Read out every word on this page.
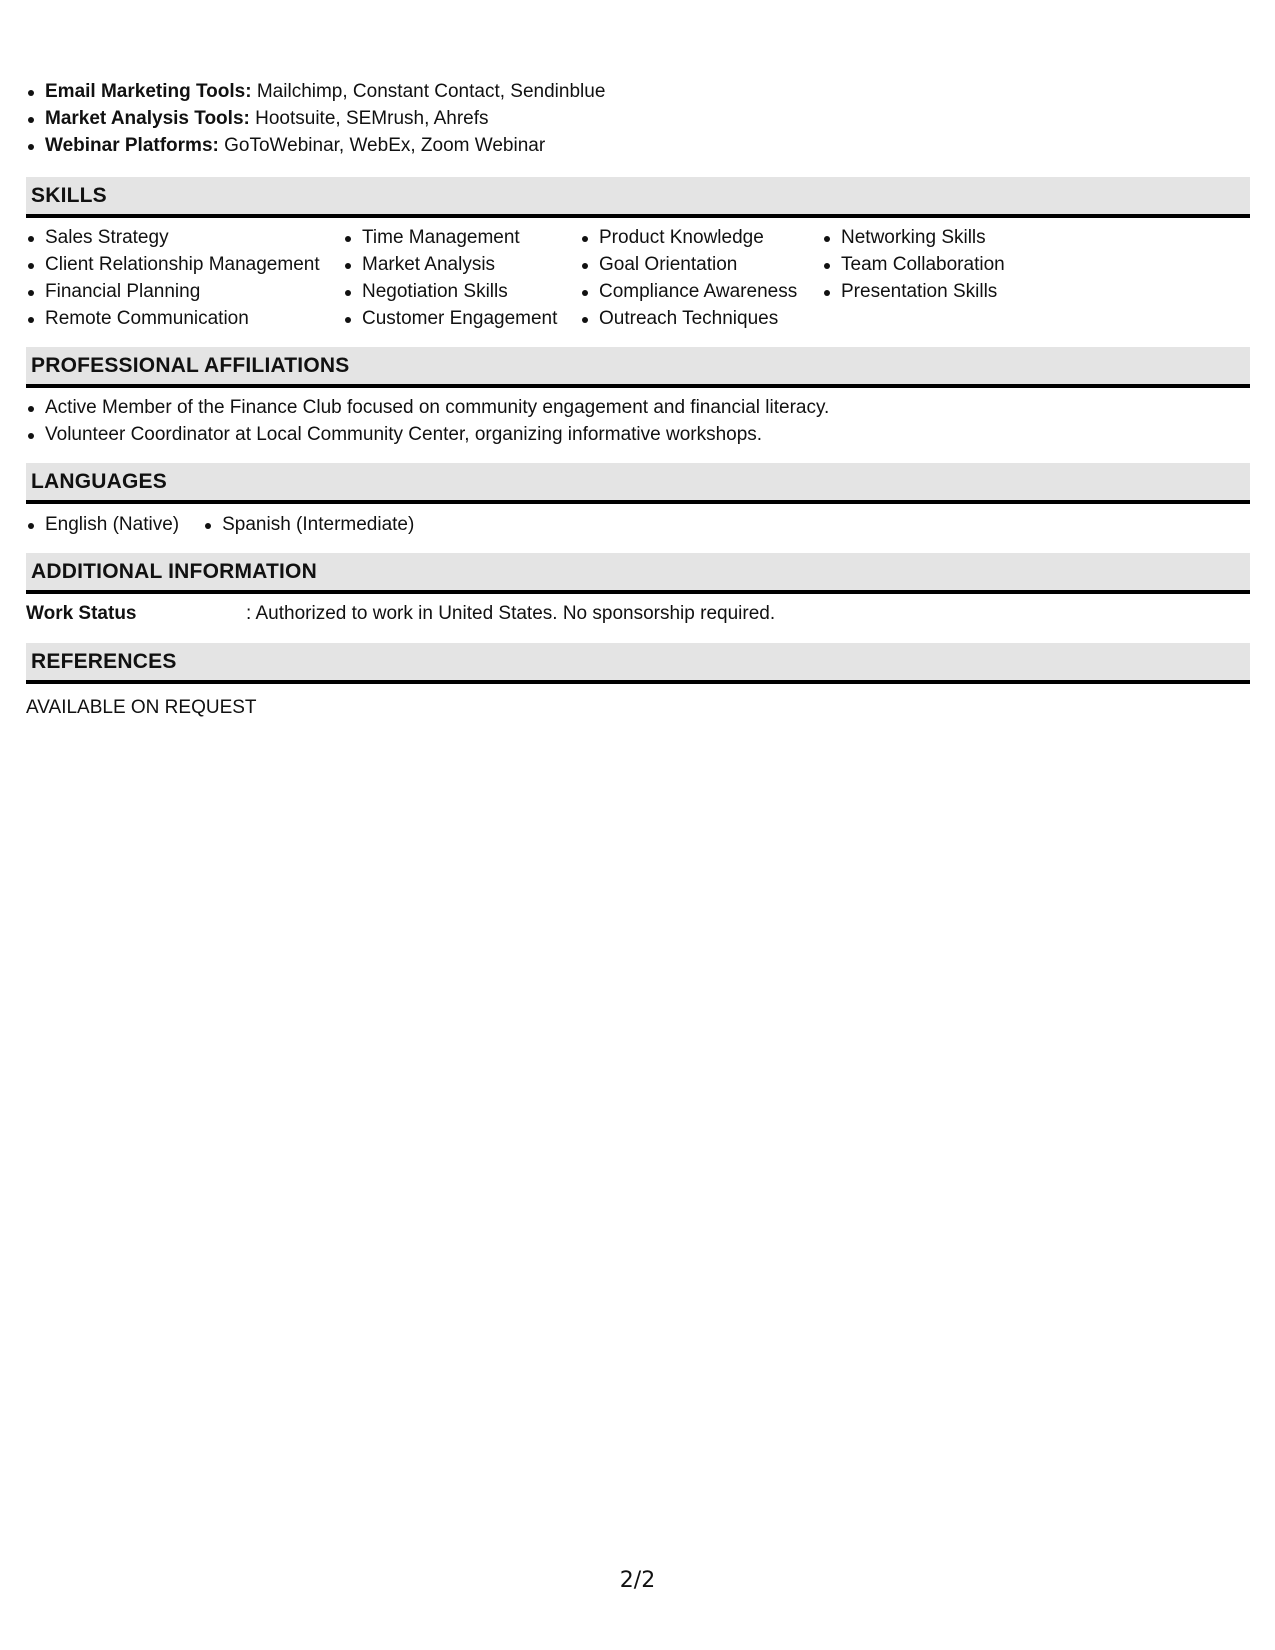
Email Marketing Tools: Mailchimp, Constant Contact, Sendinblue
Market Analysis Tools: Hootsuite, SEMrush, Ahrefs
Webinar Platforms: GoToWebinar, WebEx, Zoom Webinar
SKILLS
Sales Strategy
Client Relationship Management
Financial Planning
Remote Communication
Time Management
Market Analysis
Negotiation Skills
Customer Engagement
Product Knowledge
Goal Orientation
Compliance Awareness
Outreach Techniques
Networking Skills
Team Collaboration
Presentation Skills
PROFESSIONAL AFFILIATIONS
Active Member of the Finance Club focused on community engagement and financial literacy.
Volunteer Coordinator at Local Community Center, organizing informative workshops.
LANGUAGES
English (Native)	Spanish (Intermediate)
ADDITIONAL INFORMATION
Work Status	: Authorized to work in United States. No sponsorship required.
REFERENCES
AVAILABLE ON REQUEST
2/2
